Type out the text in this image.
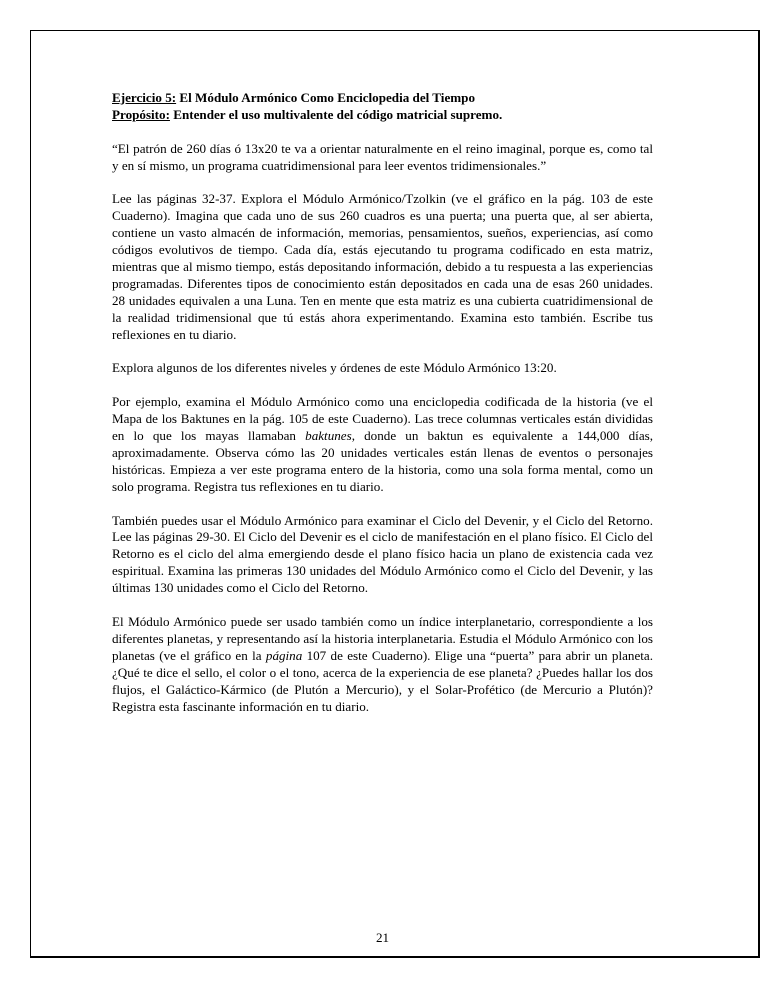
Ejercicio 5: El Módulo Armónico Como Enciclopedia del Tiempo
Propósito: Entender el uso multivalente del código matricial supremo.

“El patrón de 260 días ó 13x20 te va a orientar naturalmente en el reino imaginal, porque es, como tal y en sí mismo, un programa cuatridimensional para leer eventos tridimensionales.”

Lee las páginas 32-37. Explora el Módulo Armónico/Tzolkin (ve el gráfico en la pág. 103 de este Cuaderno). Imagina que cada uno de sus 260 cuadros es una puerta; una puerta que, al ser abierta, contiene un vasto almacén de información, memorias, pensamientos, sueños, experiencias, así como códigos evolutivos de tiempo. Cada día, estás ejecutando tu programa codificado en esta matriz, mientras que al mismo tiempo, estás depositando información, debido a tu respuesta a las experiencias programadas. Diferentes tipos de conocimiento están depositados en cada una de esas 260 unidades. 28 unidades equivalen a una Luna. Ten en mente que esta matriz es una cubierta cuatridimensional de la realidad tridimensional que tú estás ahora experimentando. Examina esto también. Escribe tus reflexiones en tu diario.

Explora algunos de los diferentes niveles y órdenes de este Módulo Armónico 13:20.

Por ejemplo, examina el Módulo Armónico como una enciclopedia codificada de la historia (ve el Mapa de los Baktunes en la pág. 105 de este Cuaderno). Las trece columnas verticales están divididas en lo que los mayas llamaban baktunes, donde un baktun es equivalente a 144,000 días, aproximadamente. Observa cómo las 20 unidades verticales están llenas de eventos o personajes históricas. Empieza a ver este programa entero de la historia, como una sola forma mental, como un solo programa. Registra tus reflexiones en tu diario.

También puedes usar el Módulo Armónico para examinar el Ciclo del Devenir, y el Ciclo del Retorno. Lee las páginas 29-30. El Ciclo del Devenir es el ciclo de manifestación en el plano físico. El Ciclo del Retorno es el ciclo del alma emergiendo desde el plano físico hacia un plano de existencia cada vez espiritual. Examina las primeras 130 unidades del Módulo Armónico como el Ciclo del Devenir, y las últimas 130 unidades como el Ciclo del Retorno.

El Módulo Armónico puede ser usado también como un índice interplanetario, correspondiente a los diferentes planetas, y representando así la historia interplanetaria. Estudia el Módulo Armónico con los planetas (ve el gráfico en la página 107 de este Cuaderno). Elige una “puerta” para abrir un planeta. ¿Qué te dice el sello, el color o el tono, acerca de la experiencia de ese planeta? ¿Puedes hallar los dos flujos, el Galáctico-Kármico (de Plutón a Mercurio), y el Solar-Profético (de Mercurio a Plutón)? Registra esta fascinante información en tu diario.

21
